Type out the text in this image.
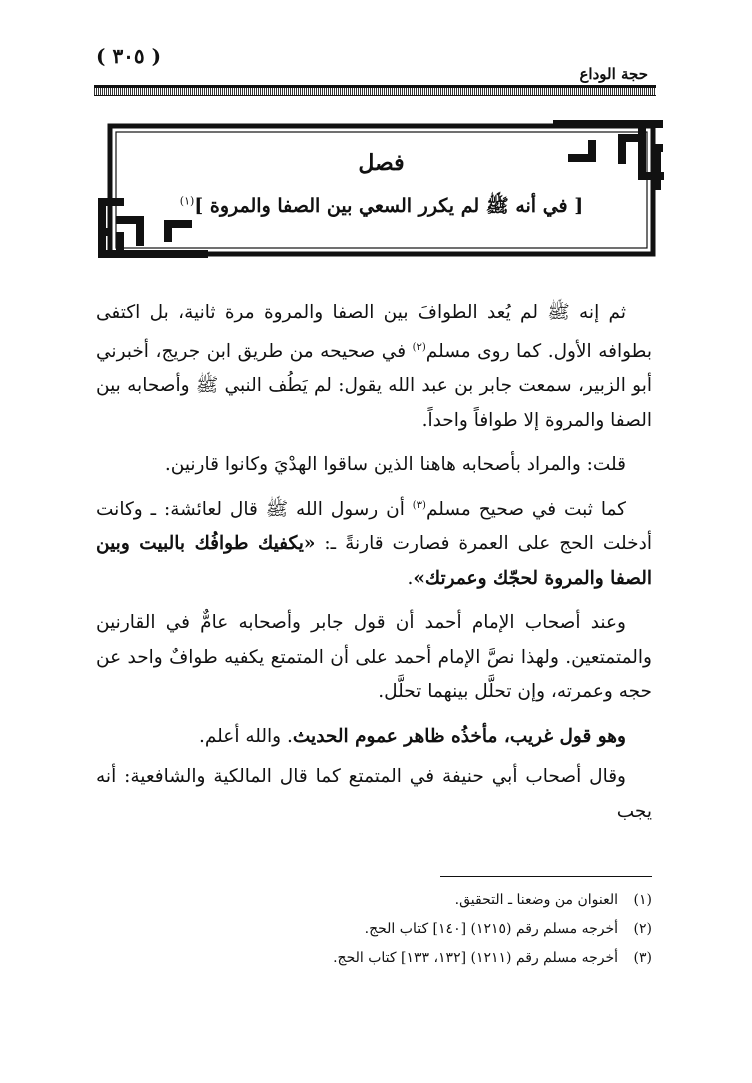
( ٣٠٥ )
حجة الوداع
فصل
[ في أنه ﷺ لم يكرر السعي بين الصفا والمروة ]$^{(١)}$

ثم إنه ﷺ لم يُعد الطوافَ بين الصفا والمروة مرة ثانية، بل اكتفى بطوافه الأول. كما روى مسلم$^{(٢)}$ في صحيحه من طريق ابن جريج، أخبرني أبو الزبير، سمعت جابر بن عبد الله يقول: لم يَطُف النبي ﷺ وأصحابه بين الصفا والمروة إلا طوافاً واحداً.

قلت: والمراد بأصحابه هاهنا الذين ساقوا الهدْيَ وكانوا قارنين.

كما ثبت في صحيح مسلم$^{(٣)}$ أن رسول الله ﷺ قال لعائشة: ـ وكانت أدخلت الحج على العمرة فصارت قارنةً ـ: «يكفيك طوافُك بالبيت وبين الصفا والمروة لحجّك وعمرتك».

وعند أصحاب الإمام أحمد أن قول جابر وأصحابه عامٌّ في القارنين والمتمتعين. ولهذا نصَّ الإمام أحمد على أن المتمتع يكفيه طوافٌ واحد عن حجه وعمرته، وإن تحلَّل بينهما تحلَّل.

وهو قول غريب، مأخذُه ظاهر عموم الحديث. والله أعلم.

وقال أصحاب أبي حنيفة في المتمتع كما قال المالكية والشافعية: أنه يجب

(١)العنوان من وضعنا ـ التحقيق.
(٢)أخرجه مسلم رقم (١٢١٥) [١٤٠] كتاب الحج.
(٣)أخرجه مسلم رقم (١٢١١) [١٣٢، ١٣٣] كتاب الحج.
